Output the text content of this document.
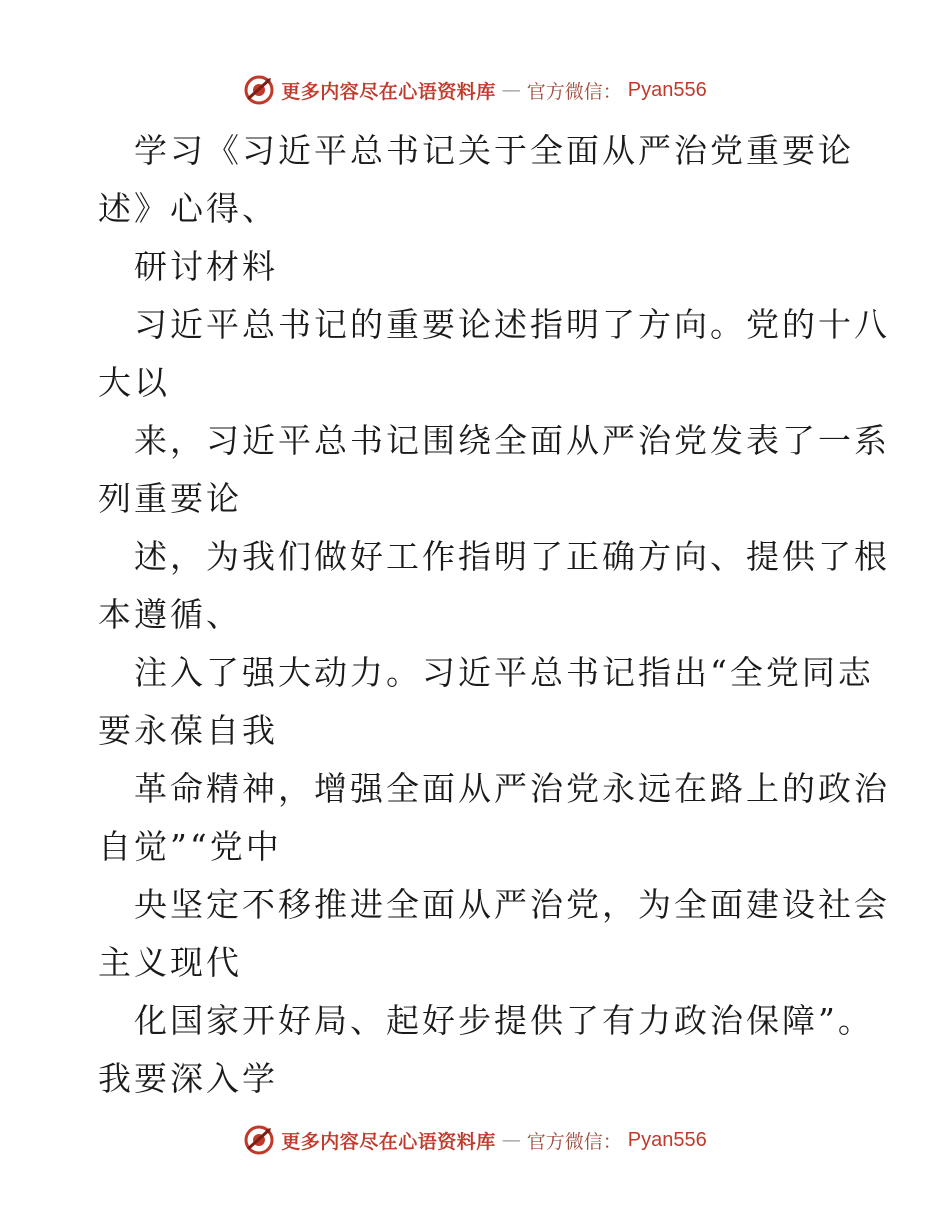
更多内容尽在心语资料库 — 官方微信： Pyan556
学习《习近平总书记关于全面从严治党重要论
述》心得、
研讨材料
习近平总书记的重要论述指明了方向。党的十八
大以
来，习近平总书记围绕全面从严治党发表了一系
列重要论
述，为我们做好工作指明了正确方向、提供了根
本遵循、
注入了强大动力。习近平总书记指出“全党同志
要永葆自我
革命精神，增强全面从严治党永远在路上的政治
自觉”“党中
央坚定不移推进全面从严治党，为全面建设社会
主义现代
化国家开好局、起好步提供了有力政治保障”。
我要深入学
更多内容尽在心语资料库 — 官方微信： Pyan556
